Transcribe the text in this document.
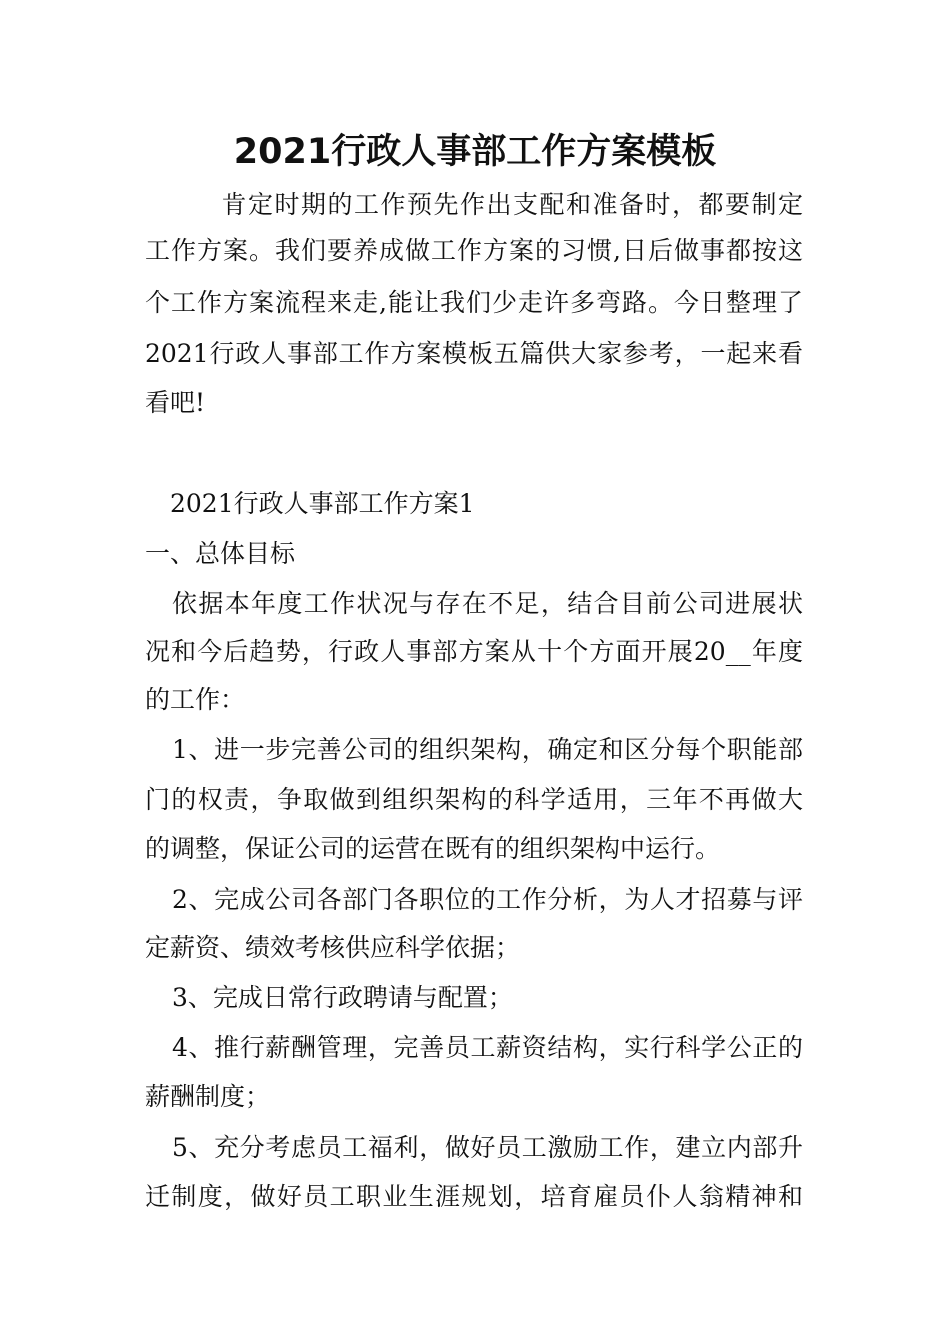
2021行政人事部工作方案模板

肯定时期的工作预先作出支配和准备时，都要制定

工作方案。我们要养成做工作方案的习惯,日后做事都按这

个工作方案流程来走,能让我们少走许多弯路。今日整理了

2021行政人事部工作方案模板五篇供大家参考，一起来看

看吧!

2021行政人事部工作方案1

一、总体目标

依据本年度工作状况与存在不足，结合目前公司进展状

况和今后趋势，行政人事部方案从十个方面开展20__年度

的工作：

1、进一步完善公司的组织架构，确定和区分每个职能部

门的权责，争取做到组织架构的科学适用，三年不再做大

的调整，保证公司的运营在既有的组织架构中运行。

2、完成公司各部门各职位的工作分析，为人才招募与评

定薪资、绩效考核供应科学依据；

3、完成日常行政聘请与配置；

4、推行薪酬管理，完善员工薪资结构，实行科学公正的

薪酬制度；

5、充分考虑员工福利，做好员工激励工作，建立内部升

迁制度，做好员工职业生涯规划，培育雇员仆人翁精神和
